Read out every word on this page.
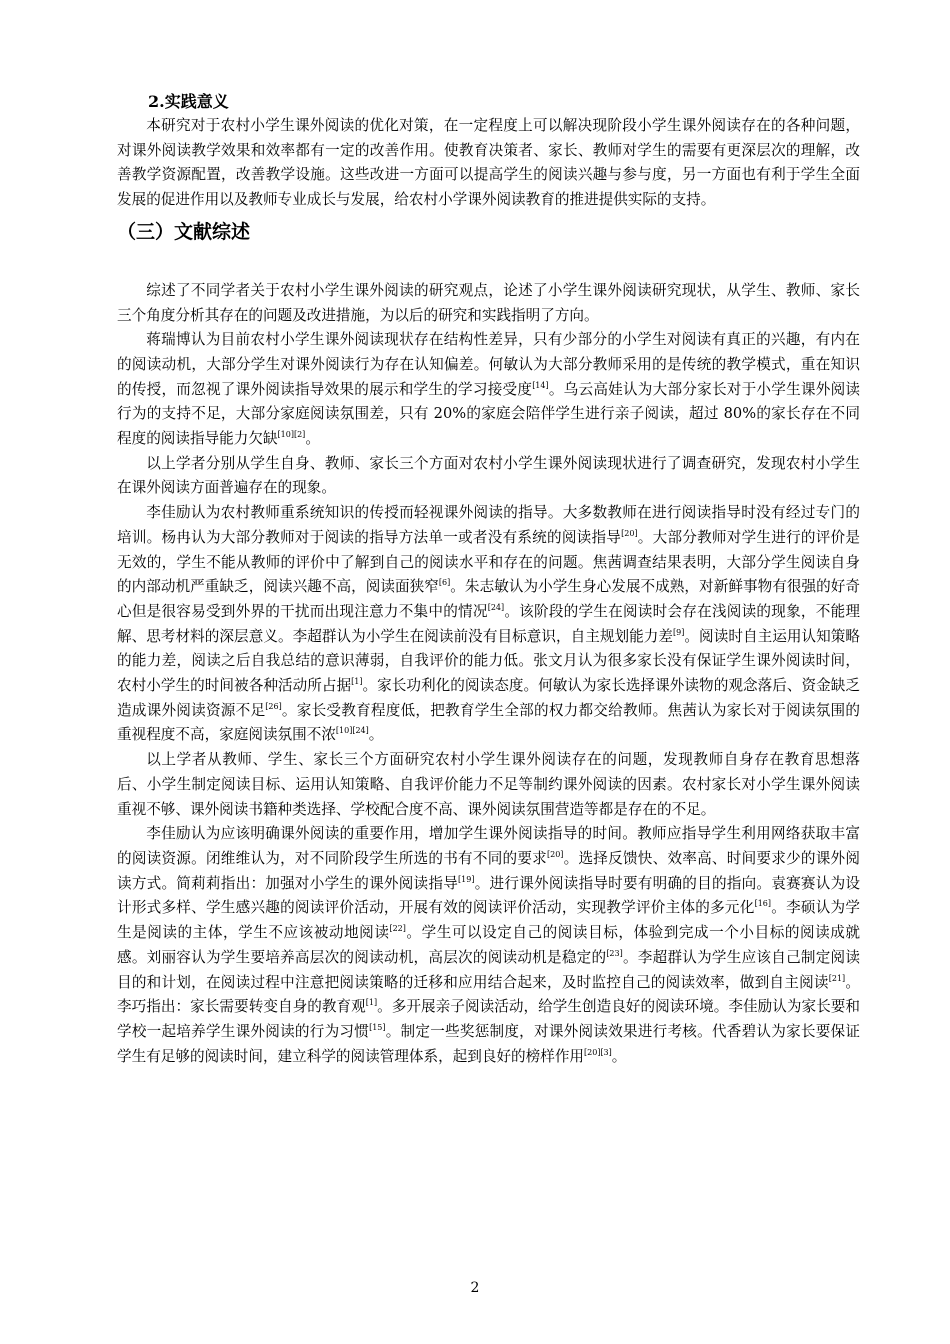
2.实践意义

本研究对于农村小学生课外阅读的优化对策，在一定程度上可以解决现阶段小学生课外阅读存在的各种问题，对课外阅读教学效果和效率都有一定的改善作用。使教育决策者、家长、教师对学生的需要有更深层次的理解，改善教学资源配置，改善教学设施。这些改进一方面可以提高学生的阅读兴趣与参与度，另一方面也有利于学生全面发展的促进作用以及教师专业成长与发展，给农村小学课外阅读教育的推进提供实际的支持。

（三）文献综述

综述了不同学者关于农村小学生课外阅读的研究观点，论述了小学生课外阅读研究现状，从学生、教师、家长三个角度分析其存在的问题及改进措施，为以后的研究和实践指明了方向。

蒋瑞博认为目前农村小学生课外阅读现状存在结构性差异，只有少部分的小学生对阅读有真正的兴趣，有内在的阅读动机，大部分学生对课外阅读行为存在认知偏差。何敏认为大部分教师采用的是传统的教学模式，重在知识的传授，而忽视了课外阅读指导效果的展示和学生的学习接受度[14]。乌云高娃认为大部分家长对于小学生课外阅读行为的支持不足，大部分家庭阅读氛围差，只有 20%的家庭会陪伴学生进行亲子阅读，超过 80%的家长存在不同程度的阅读指导能力欠缺[10][2]。

以上学者分别从学生自身、教师、家长三个方面对农村小学生课外阅读现状进行了调查研究，发现农村小学生在课外阅读方面普遍存在的现象。

李佳励认为农村教师重系统知识的传授而轻视课外阅读的指导。大多数教师在进行阅读指导时没有经过专门的培训。杨冉认为大部分教师对于阅读的指导方法单一或者没有系统的阅读指导[20]。大部分教师对学生进行的评价是无效的，学生不能从教师的评价中了解到自己的阅读水平和存在的问题。焦茜调查结果表明，大部分学生阅读自身的内部动机严重缺乏，阅读兴趣不高，阅读面狭窄[6]。朱志敏认为小学生身心发展不成熟，对新鲜事物有很强的好奇心但是很容易受到外界的干扰而出现注意力不集中的情况[24]。该阶段的学生在阅读时会存在浅阅读的现象，不能理解、思考材料的深层意义。李超群认为小学生在阅读前没有目标意识，自主规划能力差[9]。阅读时自主运用认知策略的能力差，阅读之后自我总结的意识薄弱，自我评价的能力低。张文月认为很多家长没有保证学生课外阅读时间，农村小学生的时间被各种活动所占据[1]。家长功利化的阅读态度。何敏认为家长选择课外读物的观念落后、资金缺乏造成课外阅读资源不足[26]。家长受教育程度低，把教育学生全部的权力都交给教师。焦茜认为家长对于阅读氛围的重视程度不高，家庭阅读氛围不浓[10][24]。

以上学者从教师、学生、家长三个方面研究农村小学生课外阅读存在的问题，发现教师自身存在教育思想落后、小学生制定阅读目标、运用认知策略、自我评价能力不足等制约课外阅读的因素。农村家长对小学生课外阅读重视不够、课外阅读书籍种类选择、学校配合度不高、课外阅读氛围营造等都是存在的不足。

李佳励认为应该明确课外阅读的重要作用，增加学生课外阅读指导的时间。教师应指导学生利用网络获取丰富的阅读资源。闭维维认为，对不同阶段学生所选的书有不同的要求[20]。选择反馈快、效率高、时间要求少的课外阅读方式。简莉莉指出：加强对小学生的课外阅读指导[19]。进行课外阅读指导时要有明确的目的指向。袁赛赛认为设计形式多样、学生感兴趣的阅读评价活动，开展有效的阅读评价活动，实现教学评价主体的多元化[16]。李硕认为学生是阅读的主体，学生不应该被动地阅读[22]。学生可以设定自己的阅读目标，体验到完成一个小目标的阅读成就感。刘丽容认为学生要培养高层次的阅读动机，高层次的阅读动机是稳定的[23]。李超群认为学生应该自己制定阅读目的和计划，在阅读过程中注意把阅读策略的迁移和应用结合起来，及时监控自己的阅读效率，做到自主阅读[21]。李巧指出：家长需要转变自身的教育观[1]。多开展亲子阅读活动，给学生创造良好的阅读环境。李佳励认为家长要和学校一起培养学生课外阅读的行为习惯[15]。制定一些奖惩制度，对课外阅读效果进行考核。代香碧认为家长要保证学生有足够的阅读时间，建立科学的阅读管理体系，起到良好的榜样作用[20][3]。

2
